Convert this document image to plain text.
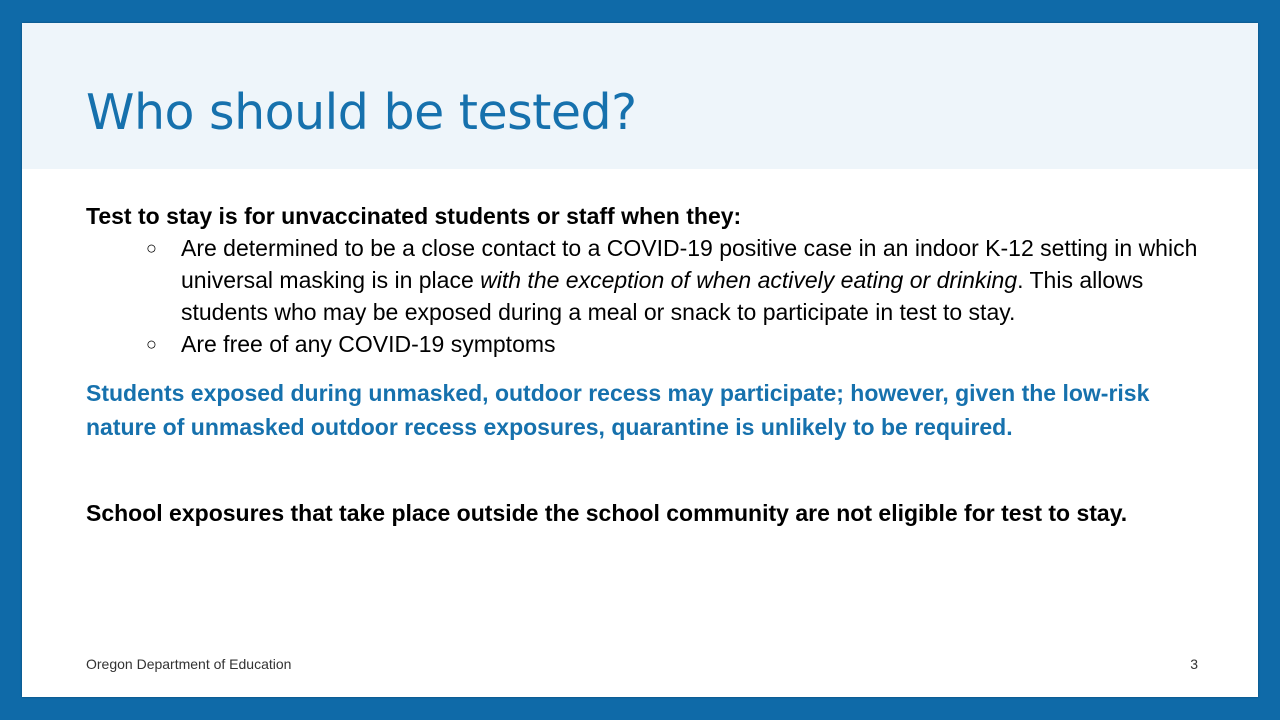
Who should be tested?

Test to stay is for unvaccinated students or staff when they:

○ Are determined to be a close contact to a COVID-19 positive case in an indoor K-12 setting in which universal masking is in place with the exception of when actively eating or drinking. This allows students who may be exposed during a meal or snack to participate in test to stay.
○ Are free of any COVID-19 symptoms

Students exposed during unmasked, outdoor recess may participate; however, given the low-risk nature of unmasked outdoor recess exposures, quarantine is unlikely to be required.

School exposures that take place outside the school community are not eligible for test to stay.

Oregon Department of Education	3
